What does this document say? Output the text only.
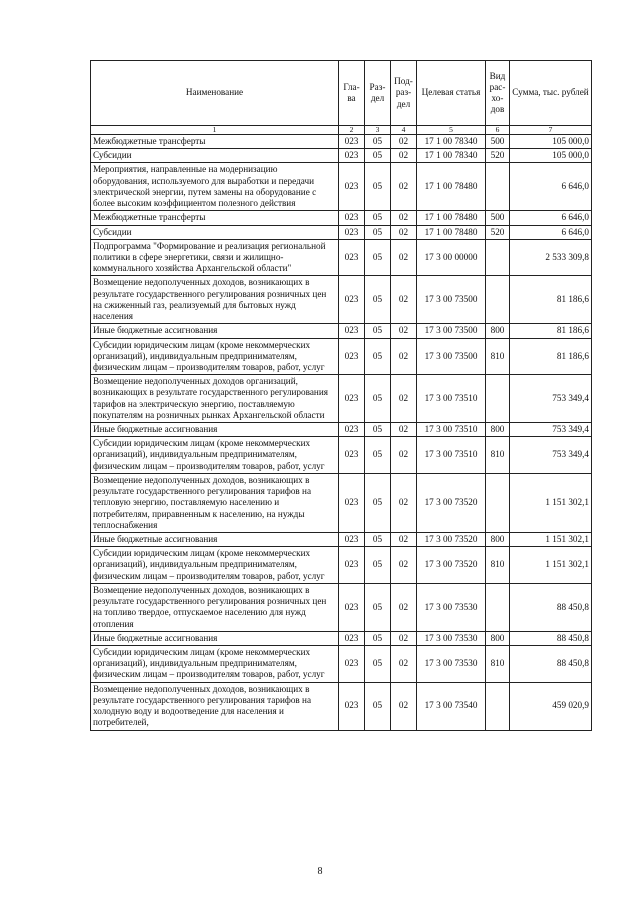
Наименование	Гла-ва	Раз-дел	Под-раз-дел	Целевая статья	Вид рас-хо-дов	Сумма, тыс. рублей
1	2	3	4	5	6	7
Межбюджетные трансферты	023	05	02	17 1 00 78340	500	105 000,0
Субсидии	023	05	02	17 1 00 78340	520	105 000,0
Мероприятия, направленные на модернизацию оборудования, используемого для выработки и передачи электрической энергии, путем замены на оборудование с более высоким коэффициентом полезного действия	023	05	02	17 1 00 78480		6 646,0
Межбюджетные трансферты	023	05	02	17 1 00 78480	500	6 646,0
Субсидии	023	05	02	17 1 00 78480	520	6 646,0
Подпрограмма "Формирование и реализация региональной политики в сфере энергетики, связи и жилищно-коммунального хозяйства Архангельской области"	023	05	02	17 3 00 00000		2 533 309,8
Возмещение недополученных доходов, возникающих в результате государственного регулирования розничных цен на сжиженный газ, реализуемый для бытовых нужд населения	023	05	02	17 3 00 73500		81 186,6
Иные бюджетные ассигнования	023	05	02	17 3 00 73500	800	81 186,6
Субсидии юридическим лицам (кроме некоммерческих организаций), индивидуальным предпринимателям, физическим лицам – производителям товаров, работ, услуг	023	05	02	17 3 00 73500	810	81 186,6
Возмещение недополученных доходов организаций, возникающих в результате государственного регулирования тарифов на электрическую энергию, поставляемую покупателям на розничных рынках Архангельской области	023	05	02	17 3 00 73510		753 349,4
Иные бюджетные ассигнования	023	05	02	17 3 00 73510	800	753 349,4
Субсидии юридическим лицам (кроме некоммерческих организаций), индивидуальным предпринимателям, физическим лицам – производителям товаров, работ, услуг	023	05	02	17 3 00 73510	810	753 349,4
Возмещение недополученных доходов, возникающих в результате государственного регулирования тарифов на тепловую энергию, поставляемую населению и потребителям, приравненным к населению, на нужды теплоснабжения	023	05	02	17 3 00 73520		1 151 302,1
Иные бюджетные ассигнования	023	05	02	17 3 00 73520	800	1 151 302,1
Субсидии юридическим лицам (кроме некоммерческих организаций), индивидуальным предпринимателям, физическим лицам – производителям товаров, работ, услуг	023	05	02	17 3 00 73520	810	1 151 302,1
Возмещение недополученных доходов, возникающих в результате государственного регулирования розничных цен на топливо твердое, отпускаемое населению для нужд отопления	023	05	02	17 3 00 73530		88 450,8
Иные бюджетные ассигнования	023	05	02	17 3 00 73530	800	88 450,8
Субсидии юридическим лицам (кроме некоммерческих организаций), индивидуальным предпринимателям, физическим лицам – производителям товаров, работ, услуг	023	05	02	17 3 00 73530	810	88 450,8
Возмещение недополученных доходов, возникающих в результате государственного регулирования тарифов на холодную воду и водоотведение для населения и потребителей,	023	05	02	17 3 00 73540		459 020,9
8
